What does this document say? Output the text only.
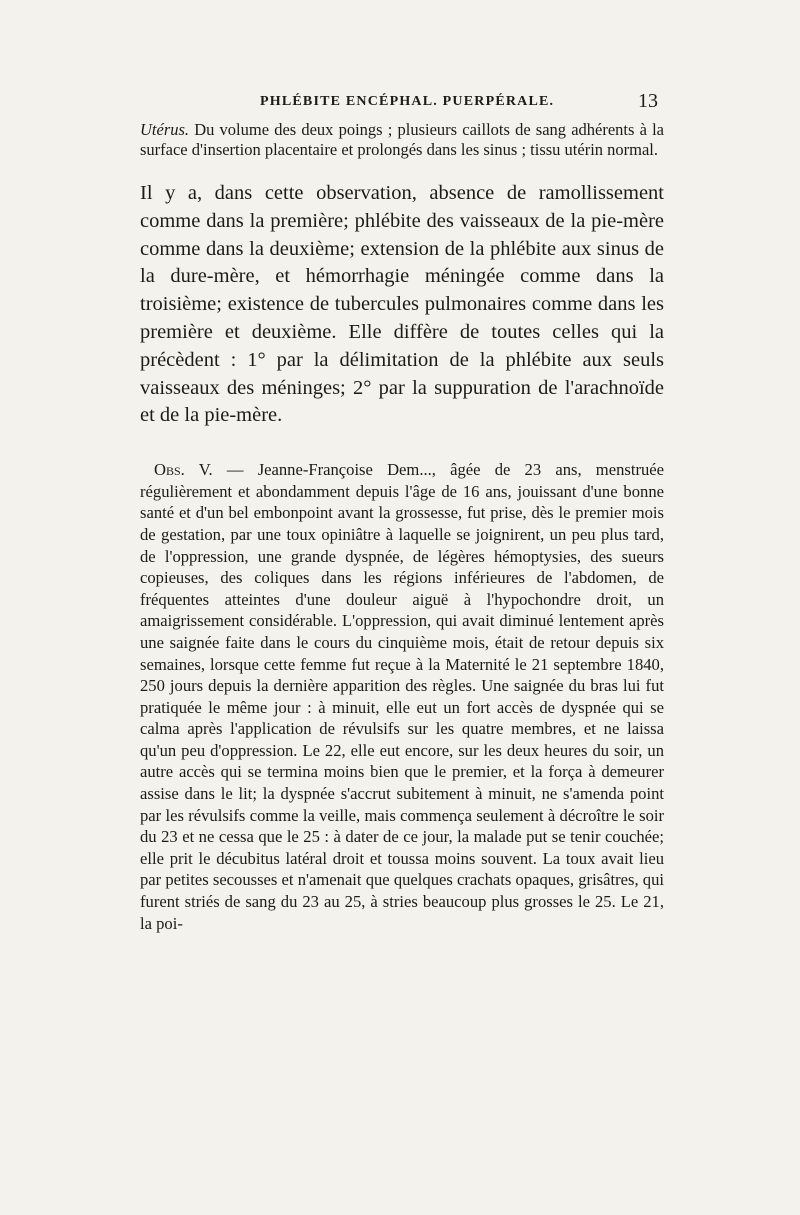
PHLÉBITE ENCÉPHAL. PUERPÉRALE.	13

Utérus. Du volume des deux poings ; plusieurs caillots de sang adhérents à la surface d'insertion placentaire et prolongés dans les sinus ; tissu utérin normal.

Il y a, dans cette observation, absence de ramollissement comme dans la première; phlébite des vaisseaux de la pie-mère comme dans la deuxième; extension de la phlébite aux sinus de la dure-mère, et hémorrhagie méningée comme dans la troisième; existence de tubercules pulmonaires comme dans les première et deuxième. Elle diffère de toutes celles qui la précèdent : 1° par la délimitation de la phlébite aux seuls vaisseaux des méninges; 2° par la suppuration de l'arachnoïde et de la pie-mère.

Obs. V. — Jeanne-Françoise Dem..., âgée de 23 ans, menstruée régulièrement et abondamment depuis l'âge de 16 ans, jouissant d'une bonne santé et d'un bel embonpoint avant la grossesse, fut prise, dès le premier mois de gestation, par une toux opiniâtre à laquelle se joignirent, un peu plus tard, de l'oppression, une grande dyspnée, de légères hémoptysies, des sueurs copieuses, des coliques dans les régions inférieures de l'abdomen, de fréquentes atteintes d'une douleur aiguë à l'hypochondre droit, un amaigrissement considérable. L'oppression, qui avait diminué lentement après une saignée faite dans le cours du cinquième mois, était de retour depuis six semaines, lorsque cette femme fut reçue à la Maternité le 21 septembre 1840, 250 jours depuis la dernière apparition des règles. Une saignée du bras lui fut pratiquée le même jour : à minuit, elle eut un fort accès de dyspnée qui se calma après l'application de révulsifs sur les quatre membres, et ne laissa qu'un peu d'oppression. Le 22, elle eut encore, sur les deux heures du soir, un autre accès qui se termina moins bien que le premier, et la força à demeurer assise dans le lit; la dyspnée s'accrut subitement à minuit, ne s'amenda point par les révulsifs comme la veille, mais commença seulement à décroître le soir du 23 et ne cessa que le 25 : à dater de ce jour, la malade put se tenir couchée; elle prit le décubitus latéral droit et toussa moins souvent. La toux avait lieu par petites secousses et n'amenait que quelques crachats opaques, grisâtres, qui furent striés de sang du 23 au 25, à stries beaucoup plus grosses le 25. Le 21, la poi-
